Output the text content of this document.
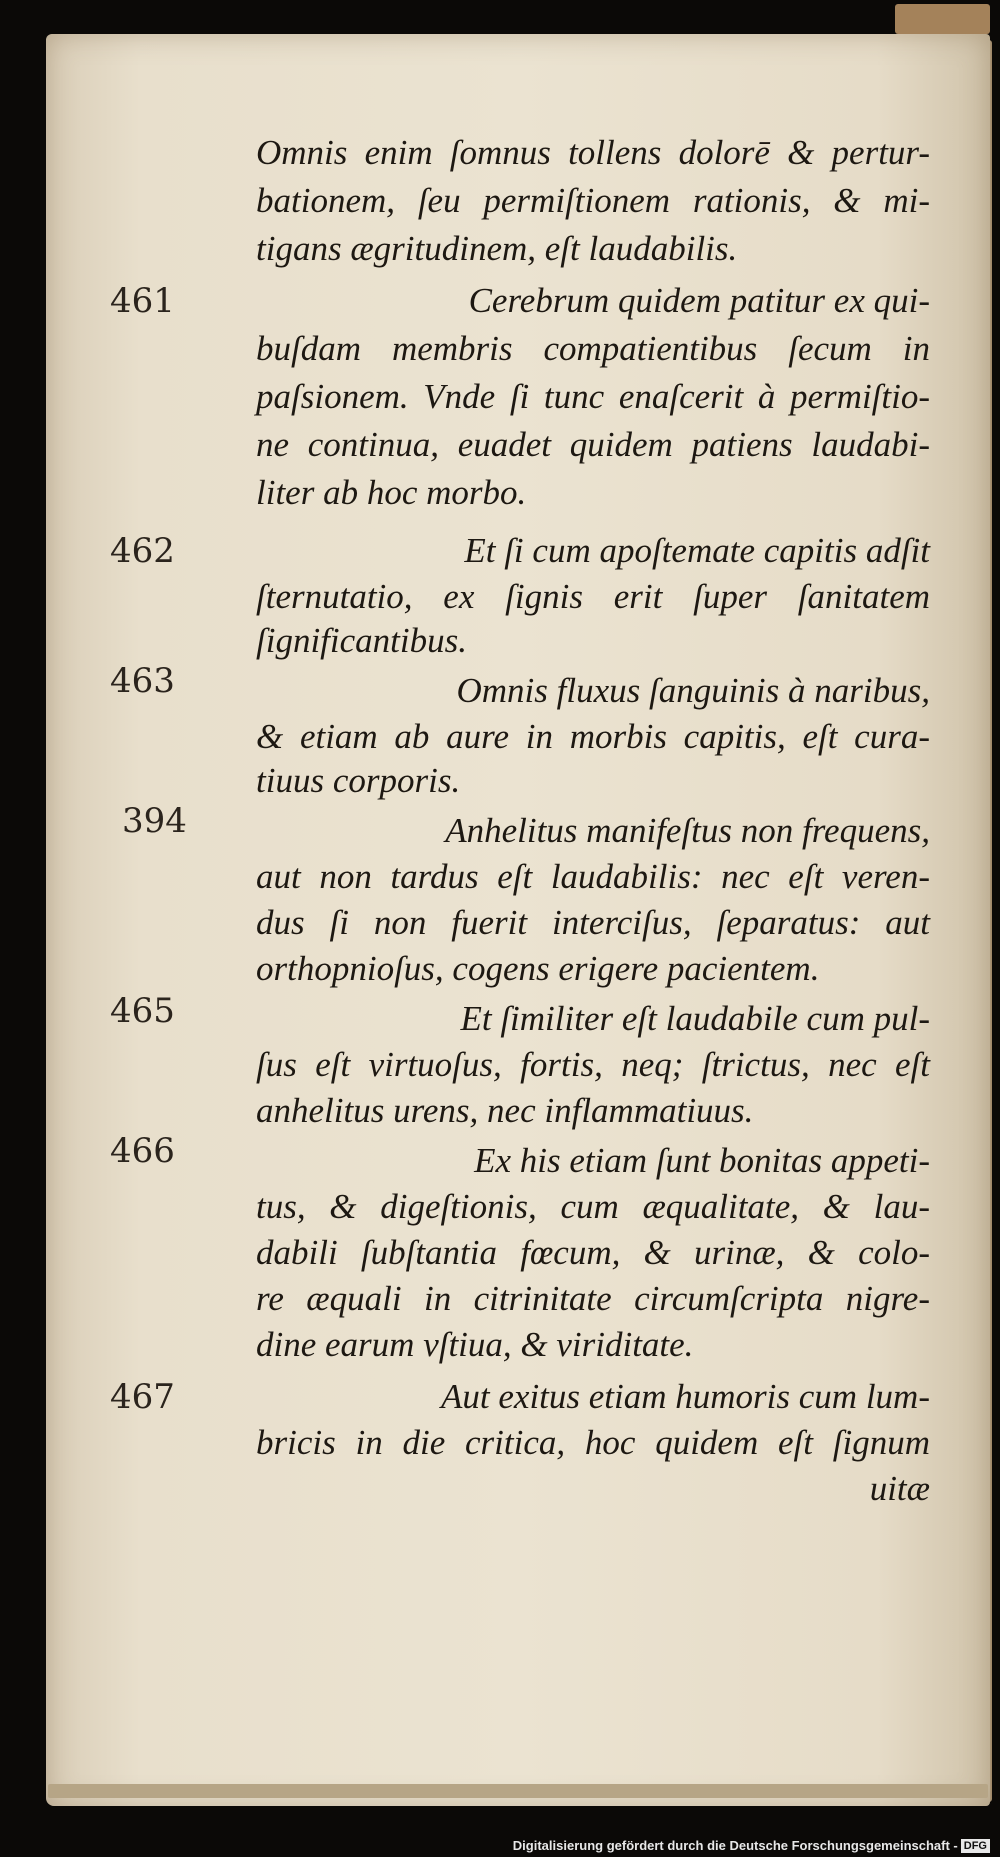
461
462
463
394
465
466
467
Omnis enim ſomnus tollens dolorē & pertur-
bationem, ſeu permiſtionem rationis, & mi-
tigans ægritudinem, eſt laudabilis.
Cerebrum quidem patitur ex qui-
buſdam membris compatientibus ſecum in
paſsionem. Vnde ſi tunc enaſcerit à permiſtio-
ne continua, euadet quidem patiens laudabi-
liter ab hoc morbo.
Et ſi cum apoſtemate capitis adſit
ſternutatio, ex ſignis erit ſuper ſanitatem
ſignificantibus.
Omnis fluxus ſanguinis à naribus,
& etiam ab aure in morbis capitis, eſt cura-
tiuus corporis.
Anhelitus manifeſtus non frequens,
aut non tardus eſt laudabilis: nec eſt veren-
dus ſi non fuerit interciſus, ſeparatus: aut
orthopnioſus, cogens erigere pacientem.
Et ſimiliter eſt laudabile cum pul-
ſus eſt virtuoſus, fortis, neq; ſtrictus, nec eſt
anhelitus urens, nec inflammatiuus.
Ex his etiam ſunt bonitas appeti-
tus, & digeſtionis, cum æqualitate, & lau-
dabili ſubſtantia fœcum, & urinæ, & colo-
re æquali in citrinitate circumſcripta nigre-
dine earum vſtiua, & viriditate.
Aut exitus etiam humoris cum lum-
bricis in die critica, hoc quidem eſt ſignum
uitæ
Digitalisierung gefördert durch die Deutsche Forschungsgemeinschaft - DFG
